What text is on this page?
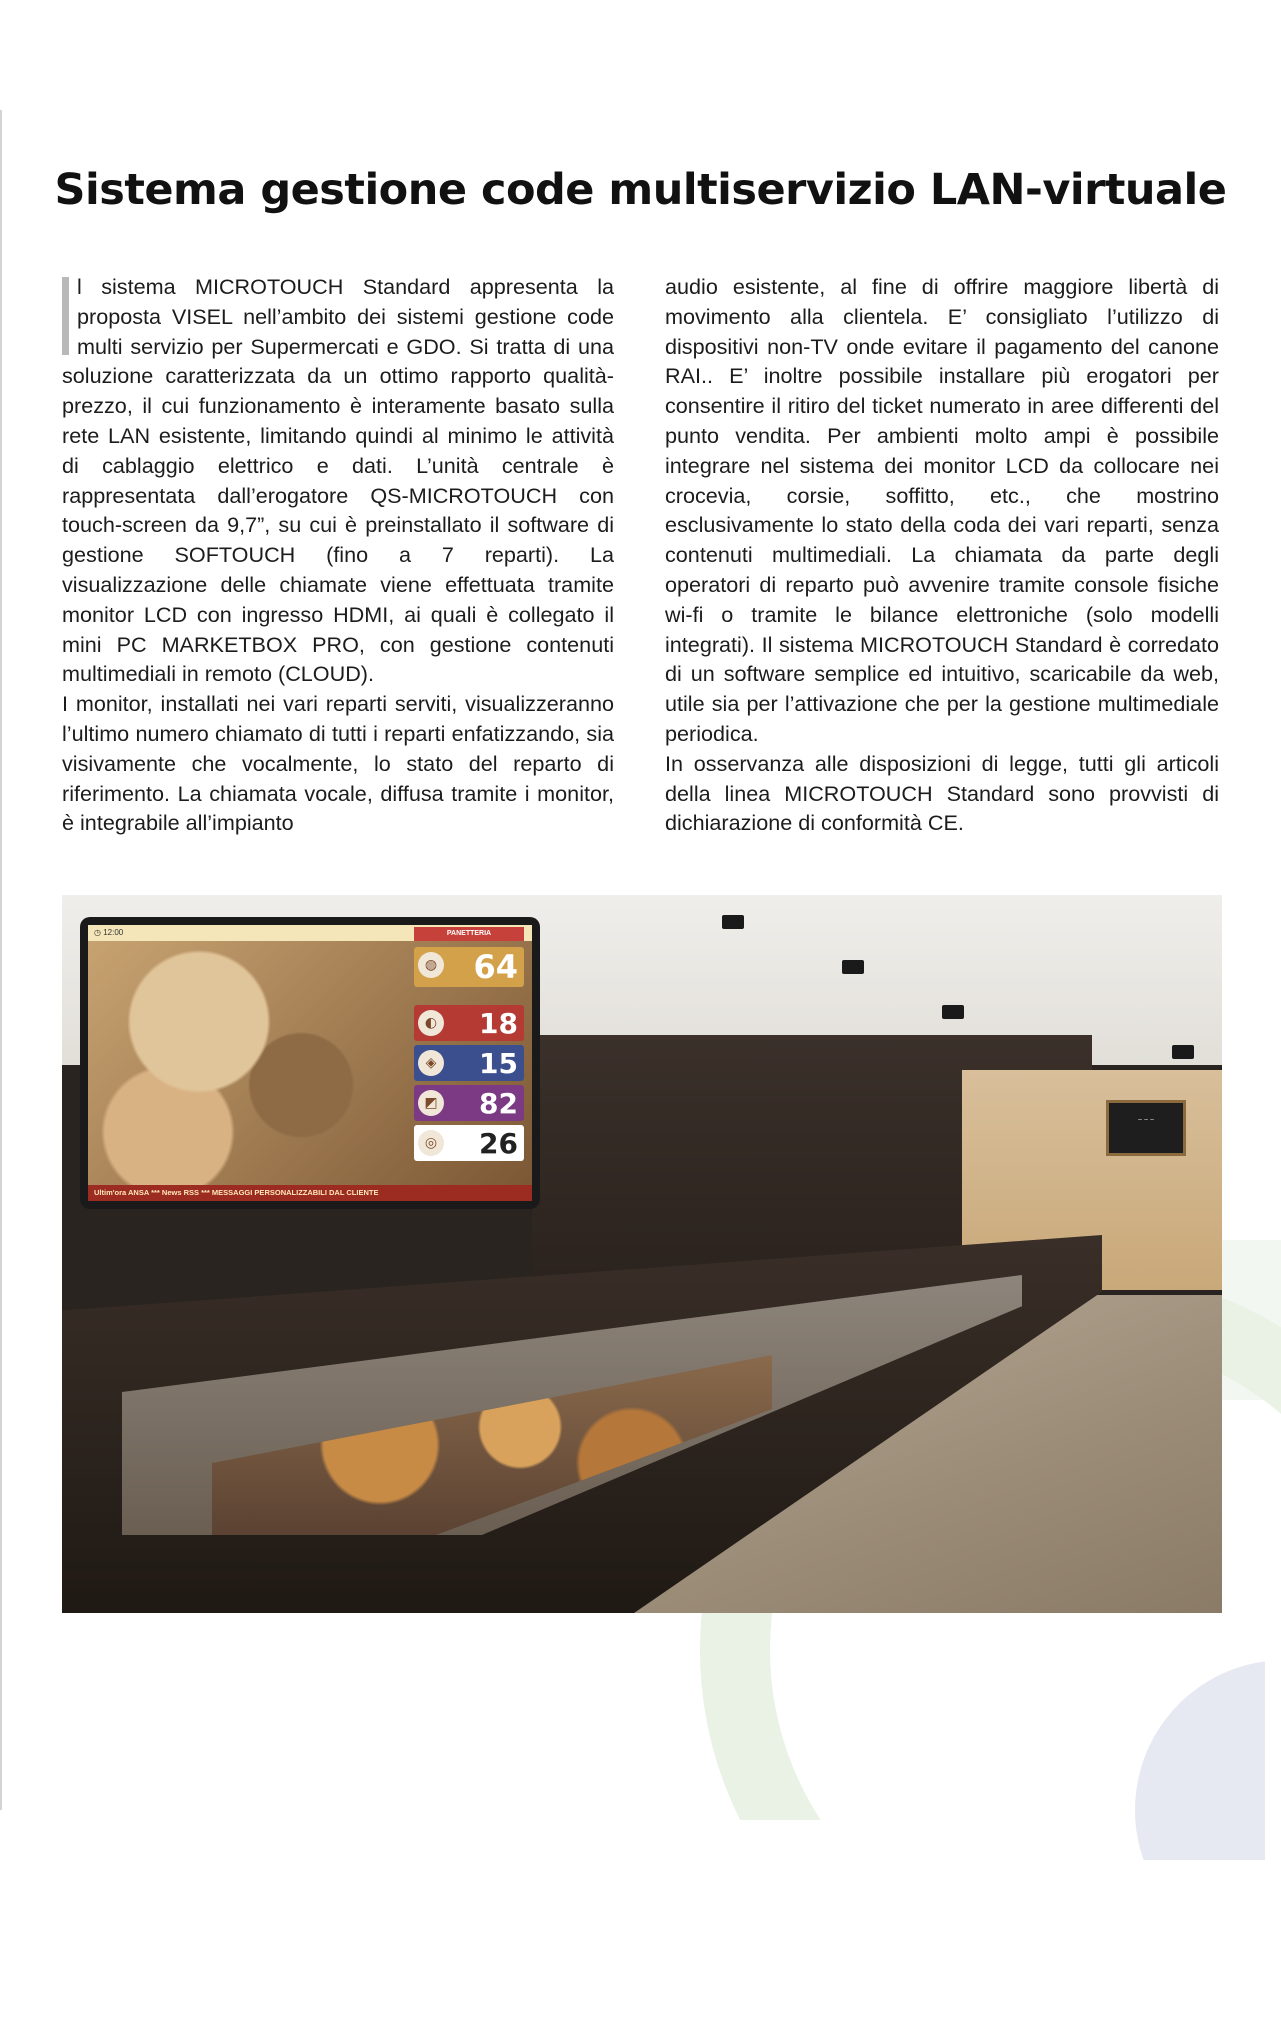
Sistema gestione code multiservizio LAN-virtuale

l sistema MICROTOUCH Standard appresenta la proposta VISEL nell’ambito dei sistemi gestione code multi servizio per Supermercati e GDO. Si tratta di una soluzione caratterizzata da un ottimo rapporto qualità-prezzo, il cui funzionamento è interamente basato sulla rete LAN esistente, limitando quindi al minimo le attività di cablaggio elettrico e dati. L’unità centrale è rappresentata dall’erogatore QS-MICROTOUCH con touch-screen da 9,7”, su cui è preinstallato il software di gestione SOFTOUCH (fino a 7 reparti). La visualizzazione delle chiamate viene effettuata tramite monitor LCD con ingresso HDMI, ai quali è collegato il mini PC MARKETBOX PRO, con gestione contenuti multimediali in remoto (CLOUD).

I monitor, installati nei vari reparti serviti, visualizzeranno l’ultimo numero chiamato di tutti i reparti enfatizzando, sia visivamente che vocalmente, lo stato del reparto di riferimento. La chiamata vocale, diffusa tramite i monitor, è integrabile all’impianto

audio esistente, al fine di offrire maggiore libertà di movimento alla clientela. E’ consigliato l’utilizzo di dispositivi non-TV onde evitare il pagamento del canone RAI.. E’ inoltre possibile installare più erogatori per consentire il ritiro del ticket numerato in aree differenti del punto vendita. Per ambienti molto ampi è possibile integrare nel sistema dei monitor LCD da collocare nei crocevia, corsie, soffitto, etc., che mostrino esclusivamente lo stato della coda dei vari reparti, senza contenuti multimediali. La chiamata da parte degli operatori di reparto può avvenire tramite console fisiche wi-fi o tramite le bilance elettroniche (solo modelli integrati). Il sistema MICROTOUCH Standard è corredato di un software semplice ed intuitivo, scaricabile da web, utile sia per l’attivazione che per la gestione multimediale periodica.

In osservanza alle disposizioni di legge, tutti gli articoli della linea MICROTOUCH Standard sono provvisti di dichiarazione di conformità CE.

~ ~ ~
◷ 12:00	PANETTERIA
◍ 64
◐ 18
◈ 15
◩ 82
◎ 26
Ultim'ora ANSA *** News RSS *** MESSAGGI PERSONALIZZABILI DAL CLIENTE
